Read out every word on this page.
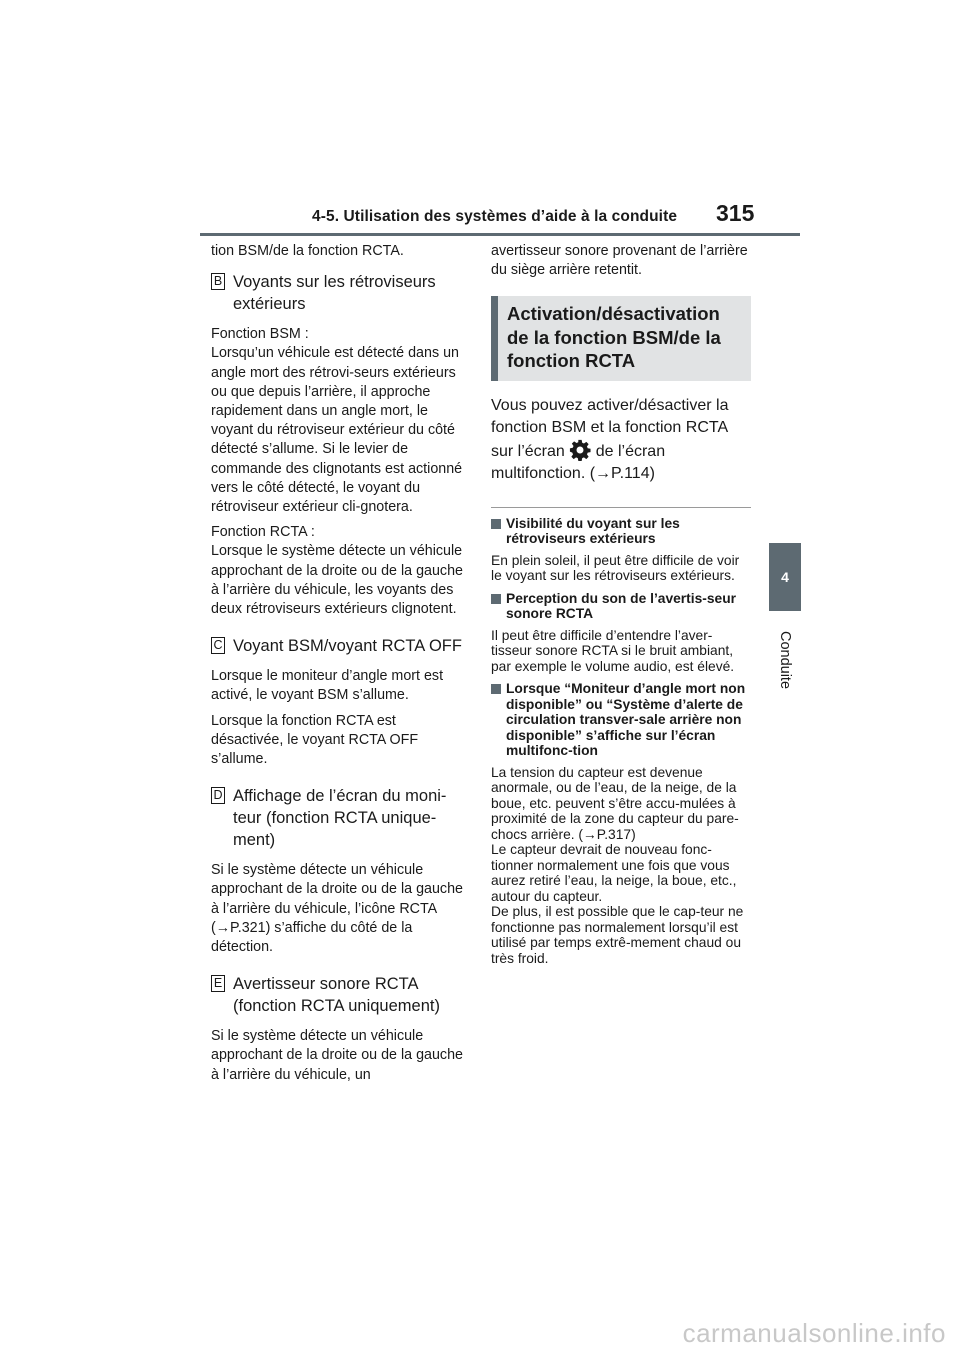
4-5. Utilisation des systèmes d’aide à la conduite 315
4
Conduite
tion BSM/de la fonction RCTA.
B Voyants sur les rétroviseurs extérieurs
Fonction BSM :
Lorsqu’un véhicule est détecté dans un angle mort des rétrovi-seurs extérieurs ou que depuis l’arrière, il approche rapidement dans un angle mort, le voyant du rétroviseur extérieur du côté détecté s’allume. Si le levier de commande des clignotants est actionné vers le côté détecté, le voyant du rétroviseur extérieur cli-gnotera.
Fonction RCTA :
Lorsque le système détecte un véhicule approchant de la droite ou de la gauche à l’arrière du véhicule, les voyants des deux rétroviseurs extérieurs clignotent.
C Voyant BSM/voyant RCTA OFF
Lorsque le moniteur d’angle mort est activé, le voyant BSM s’allume.
Lorsque la fonction RCTA est désactivée, le voyant RCTA OFF s’allume.
D Affichage de l’écran du moni-teur (fonction RCTA unique-ment)
Si le système détecte un véhicule approchant de la droite ou de la gauche à l’arrière du véhicule, l’icône RCTA (→P.321) s’affiche du côté de la détection.
E Avertisseur sonore RCTA (fonction RCTA uniquement)
Si le système détecte un véhicule approchant de la droite ou de la gauche à l’arrière du véhicule, un
avertisseur sonore provenant de l’arrière du siège arrière retentit.
Activation/désactivation
de la fonction BSM/de la
fonction RCTA
Vous pouvez activer/désactiver la fonction BSM et la fonction RCTA sur l’écran de l’écran multifonction. (→P.114)
Visibilité du voyant sur les rétroviseurs extérieurs
En plein soleil, il peut être difficile de voir le voyant sur les rétroviseurs extérieurs.
Perception du son de l’avertis-seur sonore RCTA
Il peut être difficile d’entendre l’aver-tisseur sonore RCTA si le bruit ambiant, par exemple le volume audio, est élevé.
Lorsque “Moniteur d’angle mort non disponible” ou “Système d’alerte de circulation transver-sale arrière non disponible” s’affiche sur l’écran multifonc-tion
La tension du capteur est devenue anormale, ou de l’eau, de la neige, de la boue, etc. peuvent s’être accu-mulées à proximité de la zone du capteur du pare-chocs arrière. (→P.317)
Le capteur devrait de nouveau fonc-tionner normalement une fois que vous aurez retiré l’eau, la neige, la boue, etc., autour du capteur.
De plus, il est possible que le cap-teur ne fonctionne pas normalement lorsqu’il est utilisé par temps extrê-mement chaud ou très froid.
carmanualsonline.info
